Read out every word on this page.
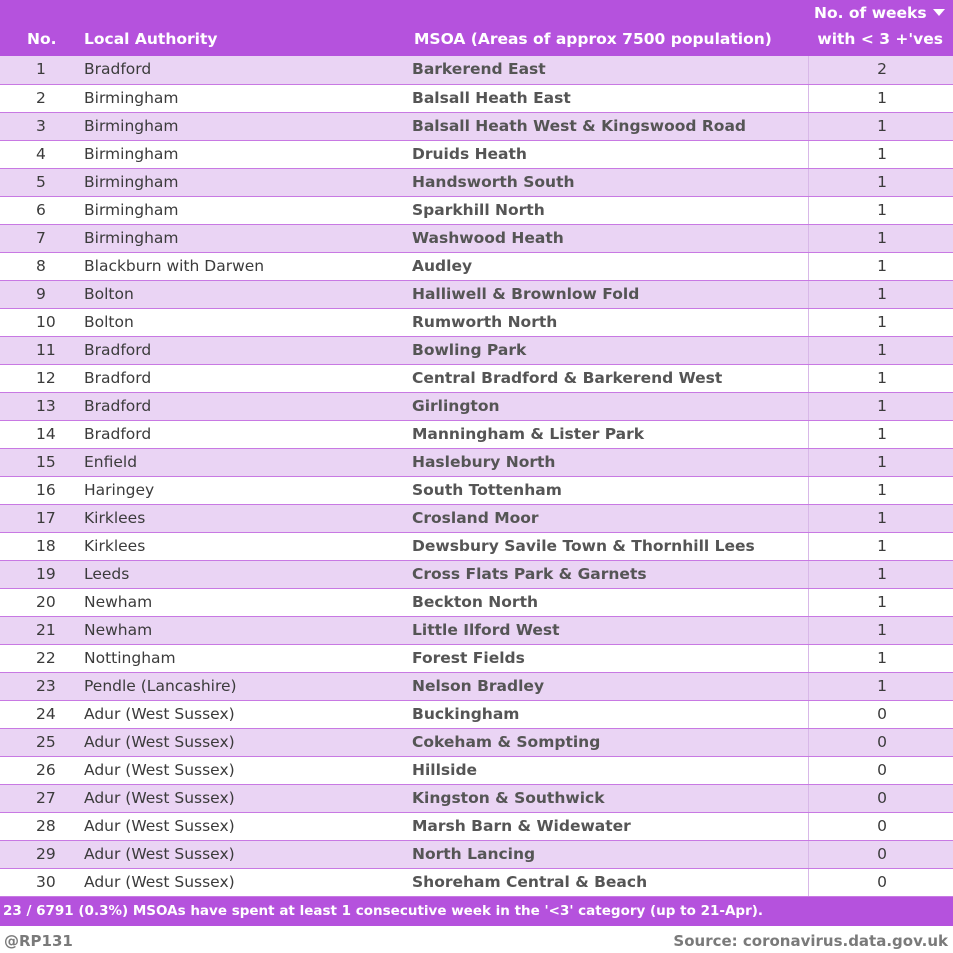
No.	Local Authority	MSOA (Areas of approx 7500 population)	No. of weeks
with < 3 +'ves

1	Bradford	Barkerend East	2
2	Birmingham	Balsall Heath East	1
3	Birmingham	Balsall Heath West & Kingswood Road	1
4	Birmingham	Druids Heath	1
5	Birmingham	Handsworth South	1
6	Birmingham	Sparkhill North	1
7	Birmingham	Washwood Heath	1
8	Blackburn with Darwen	Audley	1
9	Bolton	Halliwell & Brownlow Fold	1
10	Bolton	Rumworth North	1
11	Bradford	Bowling Park	1
12	Bradford	Central Bradford & Barkerend West	1
13	Bradford	Girlington	1
14	Bradford	Manningham & Lister Park	1
15	Enfield	Haslebury North	1
16	Haringey	South Tottenham	1
17	Kirklees	Crosland Moor	1
18	Kirklees	Dewsbury Savile Town & Thornhill Lees	1
19	Leeds	Cross Flats Park & Garnets	1
20	Newham	Beckton North	1
21	Newham	Little Ilford West	1
22	Nottingham	Forest Fields	1
23	Pendle (Lancashire)	Nelson Bradley	1
24	Adur (West Sussex)	Buckingham	0
25	Adur (West Sussex)	Cokeham & Sompting	0
26	Adur (West Sussex)	Hillside	0
27	Adur (West Sussex)	Kingston & Southwick	0
28	Adur (West Sussex)	Marsh Barn & Widewater	0
29	Adur (West Sussex)	North Lancing	0
30	Adur (West Sussex)	Shoreham Central & Beach	0
23 / 6791 (0.3%) MSOAs have spent at least 1 consecutive week in the '<3' category (up to 21-Apr).
@RP131	Source: coronavirus.data.gov.uk
